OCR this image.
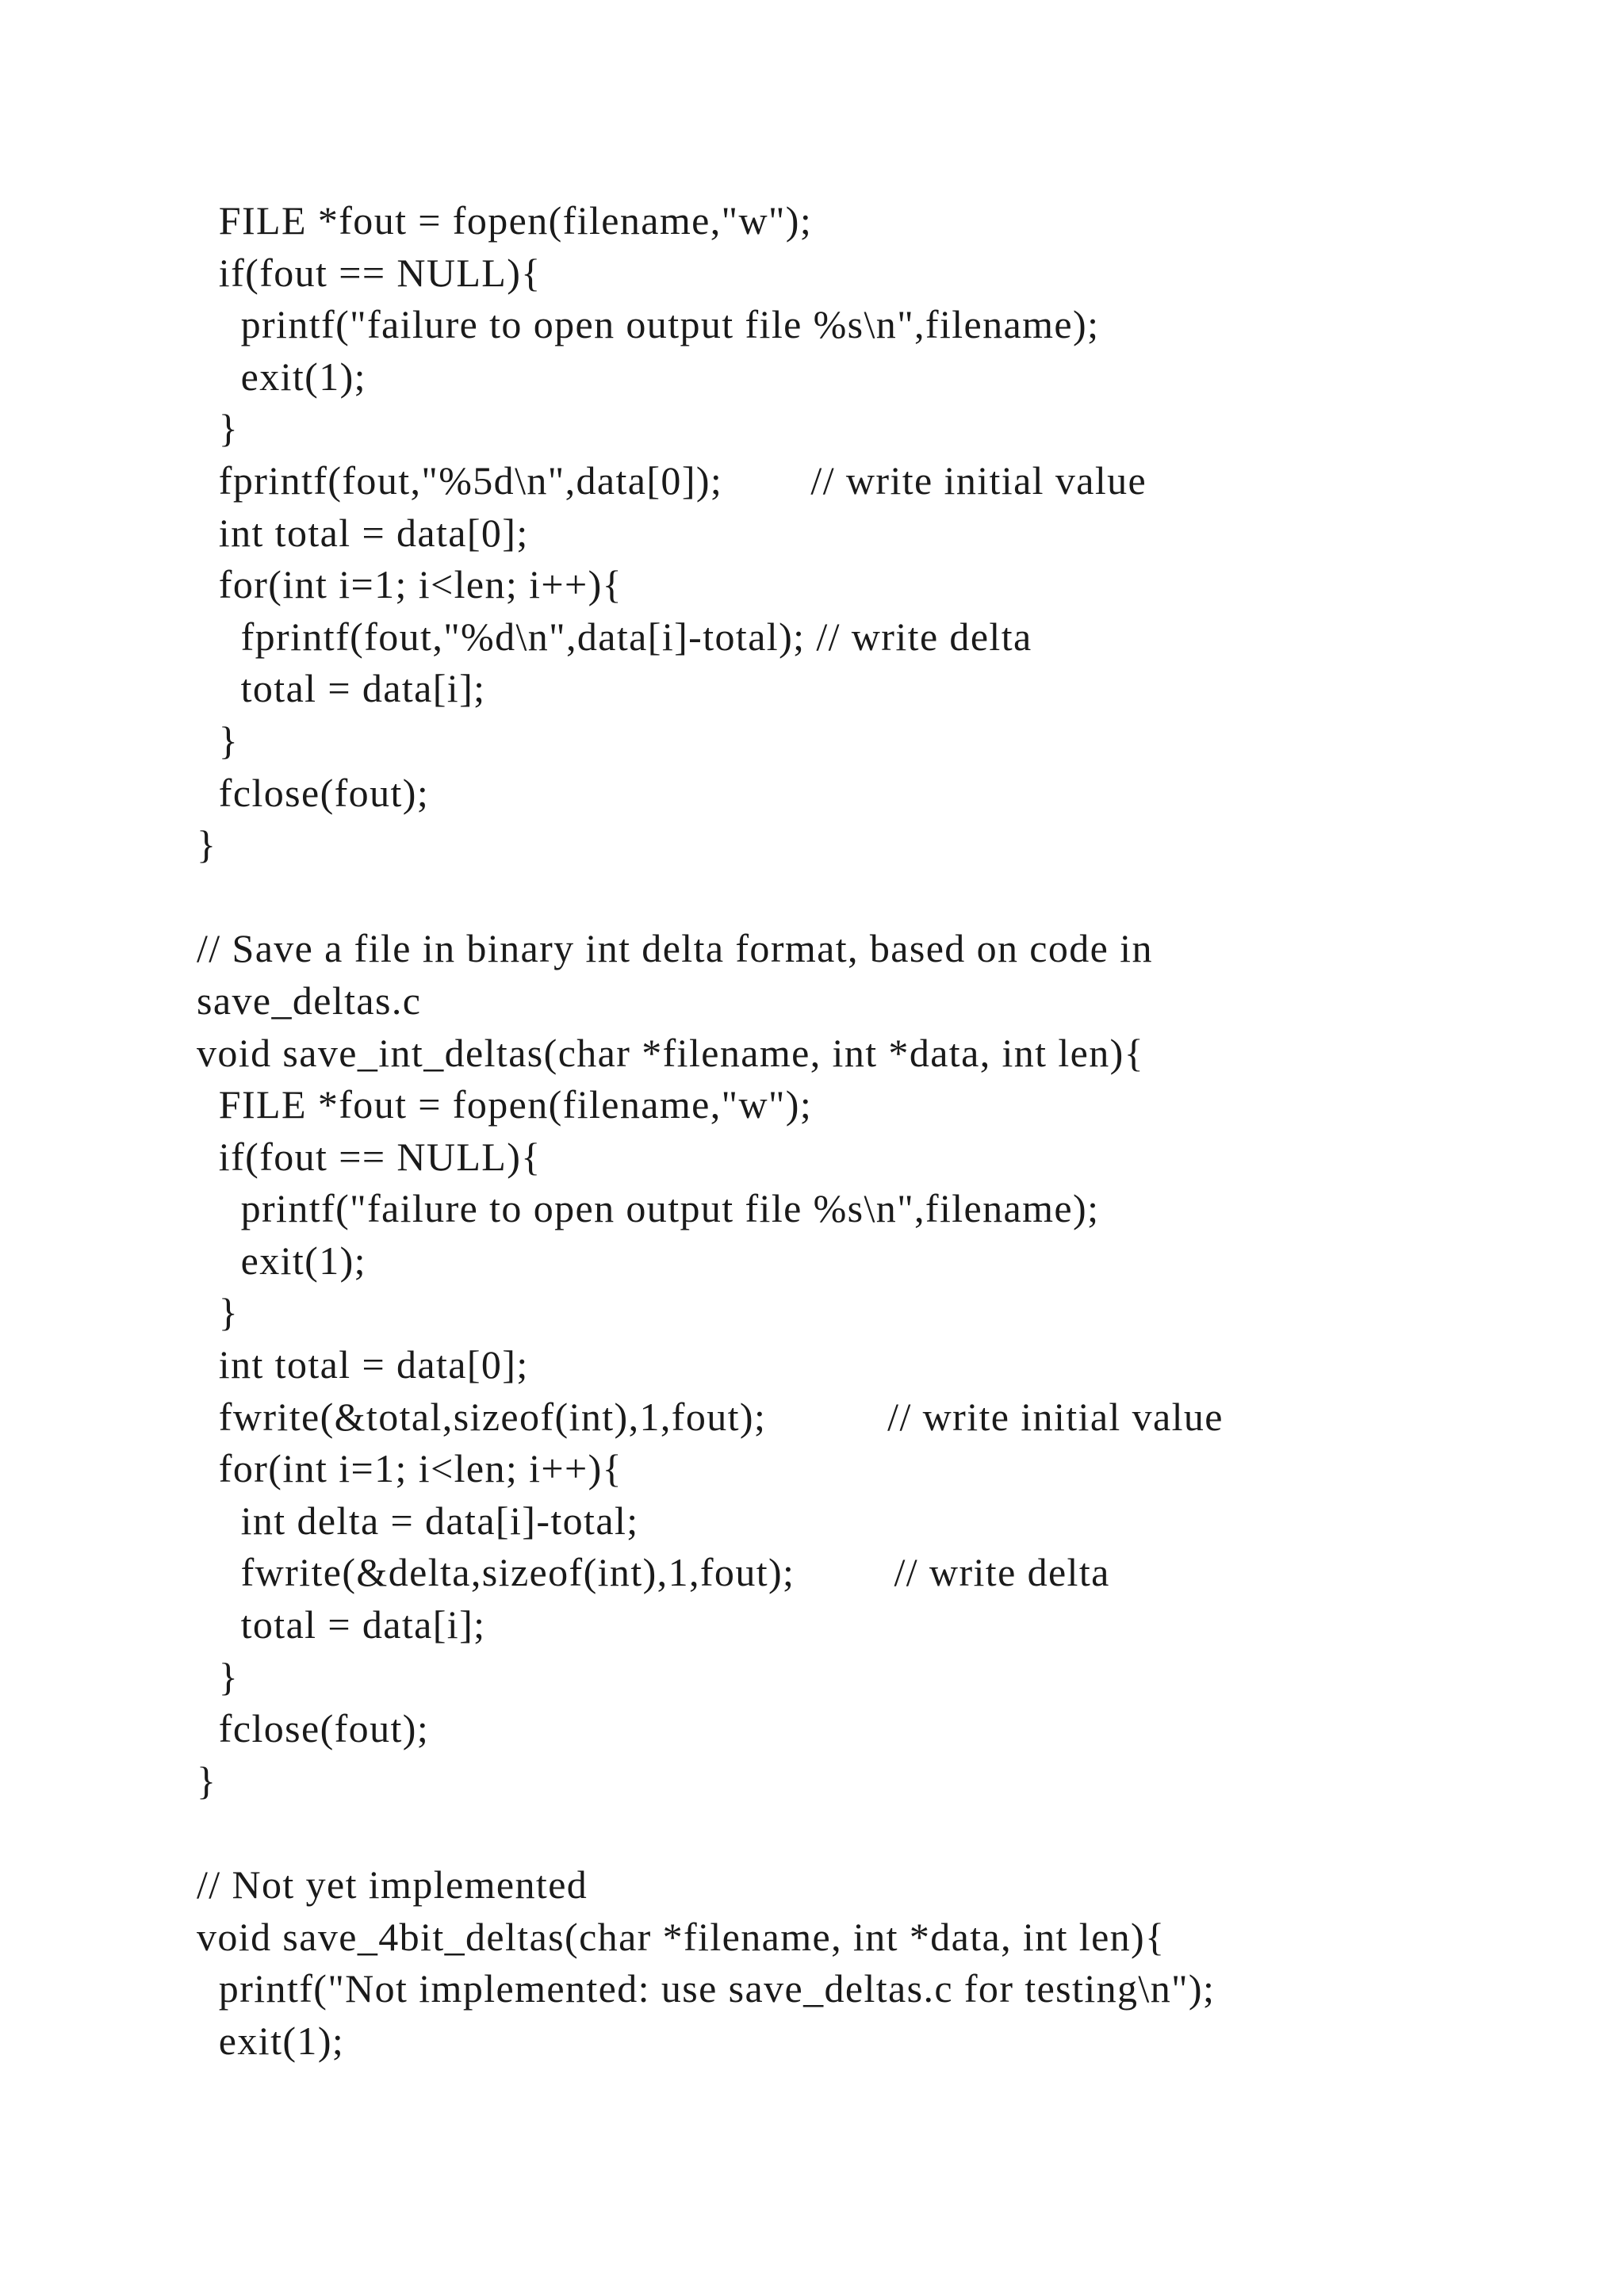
FILE *fout = fopen(filename,"w");
if(fout == NULL){
printf("failure to open output file %s\n",filename);
exit(1);
}
fprintf(fout,"%5d\n",data[0]);        // write initial value
int total = data[0];
for(int i=1; i<len; i++){
fprintf(fout,"%d\n",data[i]-total); // write delta
total = data[i];
}
fclose(fout);
}
// Save a file in binary int delta format, based on code in
save_deltas.c
void save_int_deltas(char *filename, int *data, int len){
FILE *fout = fopen(filename,"w");
if(fout == NULL){
printf("failure to open output file %s\n",filename);
exit(1);
}
int total = data[0];
fwrite(&total,sizeof(int),1,fout);           // write initial value
for(int i=1; i<len; i++){
int delta = data[i]-total;
fwrite(&delta,sizeof(int),1,fout);         // write delta
total = data[i];
}
fclose(fout);
}
// Not yet implemented
void save_4bit_deltas(char *filename, int *data, int len){
printf("Not implemented: use save_deltas.c for testing\n");
exit(1);
